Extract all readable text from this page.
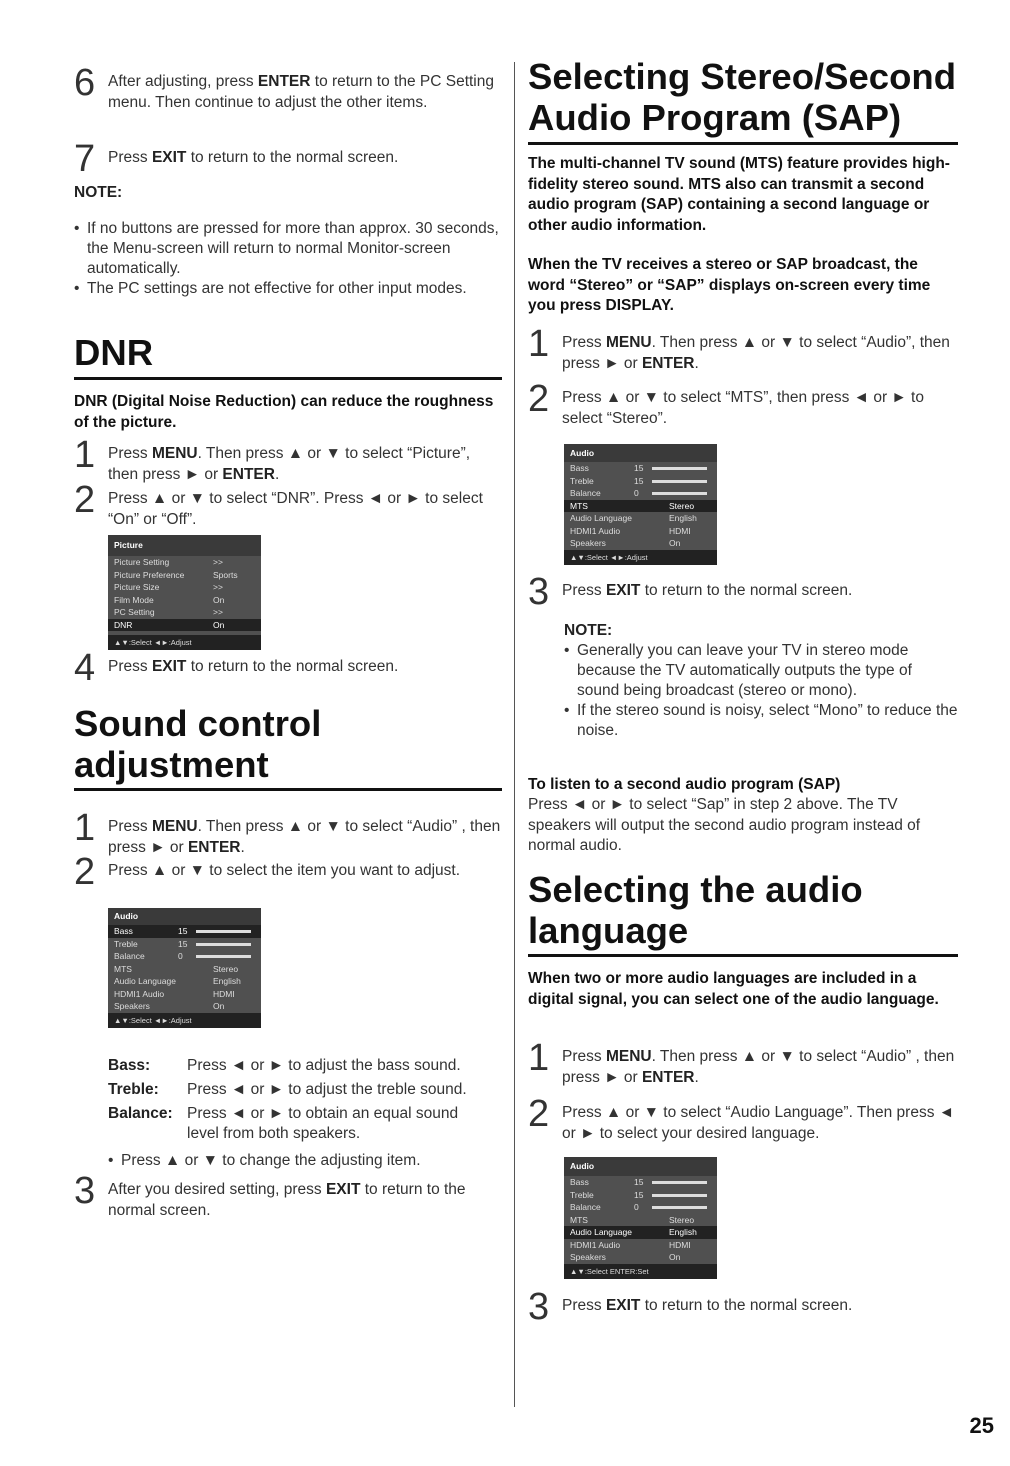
6 After adjusting, press ENTER to return to the PC Setting menu. Then continue to adjust the other items.
7 Press EXIT to return to the normal screen.
NOTE:
• If no buttons are pressed for more than approx. 30 seconds, the Menu-screen will return to normal Monitor-screen automatically.
• The PC settings are not effective for other input modes.
DNR
DNR (Digital Noise Reduction) can reduce the roughness of the picture.
1 Press MENU. Then press ▲ or ▼ to select “Picture”, then press ► or ENTER.
2 Press ▲ or ▼ to select “DNR”. Press ◄ or ► to select “On” or “Off”.
Picture
Picture Setting	>>
Picture Preference	Sports
Picture Size	>>
Film Mode	On
PC Setting	>>
DNR	On
▲▼:Select ◄►:Adjust
4 Press EXIT to return to the normal screen.
Sound control adjustment
1 Press MENU. Then press ▲ or ▼ to select “Audio” , then press ► or ENTER.
2 Press ▲ or ▼ to select the item you want to adjust.
Audio
Bass	15
Treble	15
Balance	0
MTS	Stereo
Audio Language	English
HDMI1 Audio	HDMI
Speakers	On
▲▼:Select ◄►:Adjust
Bass: Press ◄ or ► to adjust the bass sound.
Treble: Press ◄ or ► to adjust the treble sound.
Balance: Press ◄ or ► to obtain an equal sound
level from both speakers.
• Press ▲ or ▼ to change the adjusting item.
3 After you desired setting, press EXIT to return to the normal screen.
Selecting Stereo/Second Audio Program (SAP)
The multi-channel TV sound (MTS) feature provides high-fidelity stereo sound. MTS also can transmit a second audio program (SAP) containing a second language or other audio information.
When the TV receives a stereo or SAP broadcast, the word “Stereo” or “SAP” displays on-screen every time you press DISPLAY.
1 Press MENU. Then press ▲ or ▼ to select “Audio”, then press ► or ENTER.
2 Press ▲ or ▼ to select “MTS”, then press ◄ or ► to select “Stereo”.
Audio
Bass	15
Treble	15
Balance	0
MTS	Stereo
Audio Language	English
HDMI1 Audio	HDMI
Speakers	On
▲▼:Select ◄►:Adjust
3 Press EXIT to return to the normal screen.
NOTE:
• Generally you can leave your TV in stereo mode because the TV automatically outputs the type of sound being broadcast (stereo or mono).
• If the stereo sound is noisy, select “Mono” to reduce the noise.
To listen to a second audio program (SAP)
Press ◄ or ► to select “Sap” in step 2 above. The TV speakers will output the second audio program instead of normal audio.
Selecting the audio language
When two or more audio languages are included in a digital signal, you can select one of the audio language.
1 Press MENU. Then press ▲ or ▼ to select “Audio” , then press ► or ENTER.
2 Press ▲ or ▼ to select “Audio Language”. Then press ◄ or ► to select your desired language.
Audio
Bass	15
Treble	15
Balance	0
MTS	Stereo
Audio Language	English
HDMI1 Audio	HDMI
Speakers	On
▲▼:Select ENTER:Set
3 Press EXIT to return to the normal screen.
25
